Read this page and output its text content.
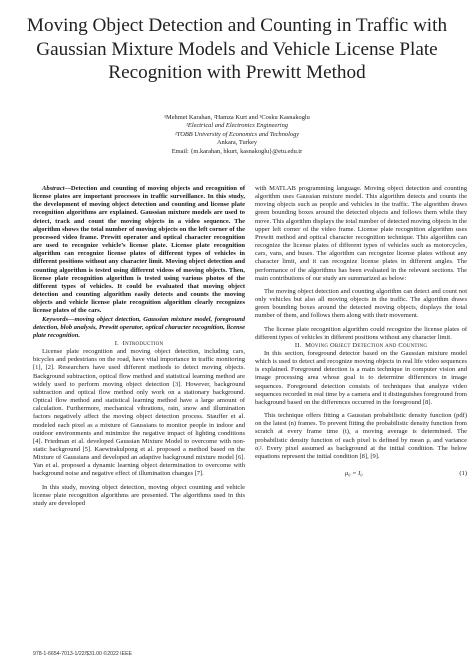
Moving Object Detection and Counting in Traffic with Gaussian Mixture Models and Vehicle License Plate Recognition with Prewitt Method
¹Mehmet Karahan, ²Hamza Kurt and ³Cosku Kasnakoglu
¹Electrical and Electronics Engineering
²TOBB University of Economics and Technology
Ankara, Turkey
Email: {m.karahan, hkurt, kasnakoglu}@etu.edu.tr

Abstract—Detection and counting of moving objects and recognition of license plates are important processes in traffic surveillance. In this study, the development of moving object detection and counting and license plate recognition algorithms are explained. Gaussian mixture models are used to detect, track and count the moving objects in a video sequence. The algorithm shows the total number of moving objects on the left corner of the processed video frame. Prewitt operator and optical character recognition are used to recognize vehicle’s license plate. License plate recognition algorithm can recognize license plates of different types of vehicles in different positions without any character limit. Moving object detection and counting algorithm is tested using different videos of moving objects. Then, license plate recognition algorithm is tested using various photos of the different types of vehicles. It could be evaluated that moving object detection and counting algorithm easily detects and counts the moving objects and vehicle license plate recognition algorithm clearly recognizes license plates of the cars.

Keywords—moving object detection, Gaussian mixture model, foreground detection, blob analysis, Prewitt operator, optical character recognition, license plate recognition.

I. Introduction

License plate recognition and moving object detection, including cars, bicycles and pedestrians on the road, have vital importance in traffic monitoring [1], [2]. Researchers have used different methods to detect moving objects. Background subtraction, optical flow method and statistical learning method are widely used to perform moving object detection [3]. However, background subtraction and optical flow method only work on a stationary background. Optical flow method and statistical learning method have a large amount of calculation. Furthermore, mechanical vibrations, rain, snow and illumination factors negatively affect the moving object detection process. Stauffer et al. modeled each pixel as a mixture of Gaussians to monitor people in indoor and outdoor environments and minimize the negative impact of lighting conditions [4]. Friedman et al. developed Gaussian Mixture Model to overcome with non-static background [5]. Kaewtrakulpong et al. proposed a method based on the Mixture of Gaussians and developed an adaptive background mixture model [6]. Yan et al. proposed a dynamic learning object determination to overcome with background noise and negative effect of illumination changes [7].

In this study, moving object detection, moving object counting and vehicle license plate recognition algorithms are presented. The algorithms used in this study are developed

with MATLAB programming language. Moving object detection and counting algorithm uses Gaussian mixture model. This algorithm detects and counts the moving objects such as people and vehicles in the traffic. The algorithm draws green bounding boxes around the detected objects and follows them while they move. This algorithm displays the total number of detected moving objects in the upper left corner of the video frame. License plate recognition algorithm uses Prewitt method and optical character recognition technique. This algorithm can recognize the license plates of different types of vehicles such as motorcycles, cars, vans, and buses. The algorithm can recognize license plates without any character limit, and it can recognize license plates in different angles. The performance of the algorithms has been evaluated in the relevant sections. The main contributions of our study are summarized as below:

The moving object detection and counting algorithm can detect and count not only vehicles but also all moving objects in the traffic. The algorithm draws green bounding boxes around the detected moving objects, displays the total number of them, and follows them along with their movement.

The license plate recognition algorithm could recognize the license plates of different types of vehicles in different positions without any character limit.

II. Moving Object Detection and Counting

In this section, foreground detector based on the Gaussian mixture model which is used to detect and recognize moving objects in real life video sequences is explained. Foreground detection is a main technique in computer vision and image processing area whose goal is to determine differences in image sequences. Foreground detection consists of techniques that analyze video sequences recorded in real time by a camera and it distinguishes foreground from background based on the differences occurred in the foreground [8].

This technique offers fitting a Gaussian probabilistic density function (pdf) on the latest (n) frames. To prevent fitting the probabilistic density function from scratch at every frame time (t), a moving average is determined. The probabilistic density function of each pixel is defined by mean μᵢ and variance σᵢ². Every pixel assumed as background at the initial condition. The below equations represent the initial condition [8], [9].

μ₀ = I₀	(1)
978-1-6654-7013-1/22/$31.00 ©2022 IEEE
